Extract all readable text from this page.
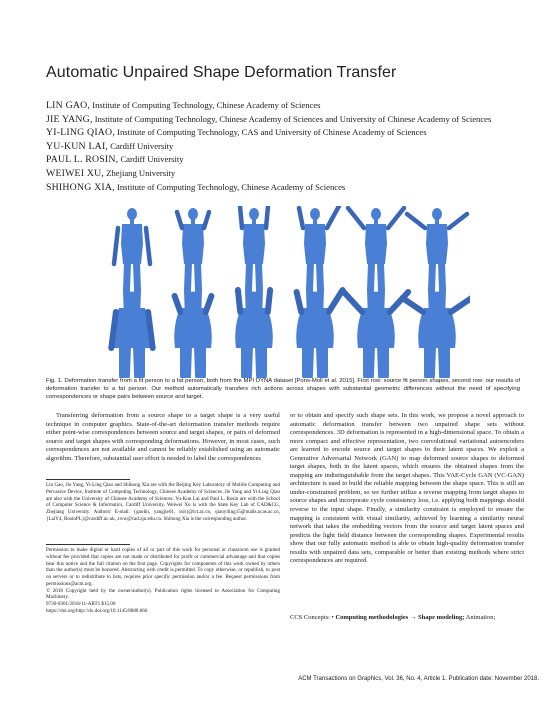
Automatic Unpaired Shape Deformation Transfer
LIN GAO, Institute of Computing Technology, Chinese Academy of Sciences
JIE YANG, Institute of Computing Technology, Chinese Academy of Sciences and University of Chinese Academy of Sciences
YI-LING QIAO, Institute of Computing Technology, CAS and University of Chinese Academy of Sciences
YU-KUN LAI, Cardiff University
PAUL L. ROSIN, Cardiff University
WEIWEI XU, Zhejiang University
SHIHONG XIA, Institute of Computing Technology, Chinese Academy of Sciences
Fig. 1. Deformation transfer from a fit person to a fat person, both from the MPI DYNA dataset [Pons-Moll et al. 2015]. First row: source fit person shapes, second row: our results of deformation transfer to a fat person. Our method automatically transfers rich actions across shapes with substantial geometric differences without the need of specifying correspondences or shape pairs between source and target.

Transferring deformation from a source shape to a target shape is a very useful technique in computer graphics. State-of-the-art deformation transfer methods require either point-wise correspondences between source and target shapes, or pairs of deformed source and target shapes with corresponding deformations. However, in most cases, such correspondences are not available and cannot be reliably established using an automatic algorithm. Therefore, substantial user effort is needed to label the correspondences

Lin Gao, Jie Yang, Yi-Ling Qiao and Shihong Xia are with the Beijing Key Laboratory of Mobile Computing and Pervasive Device, Institute of Computing Technology, Chinese Academy of Sciences. Jie Yang and Yi-Ling Qiao are also with the University of Chinese Academy of Sciences. Yu-Kun Lai and Paul L. Rosin are with the School of Computer Science & Informatics, Cardiff University. Weiwei Xu is with the State Key Lab of CAD&CG, Zhejiang University. Authors' E-mail: {gaolin, yangjie01, xsh}@ict.ac.cn, qiaoyiling15@mails.ucas.ac.cn, {LaiY4, RosinPL}@cardiff.ac.uk, xww@cad.zju.edu.cn. Shihong Xia is the corresponding author.
Permission to make digital or hard copies of all or part of this work for personal or classroom use is granted without fee provided that copies are not made or distributed for profit or commercial advantage and that copies bear this notice and the full citation on the first page. Copyrights for components of this work owned by others than the author(s) must be honored. Abstracting with credit is permitted. To copy otherwise, or republish, to post on servers or to redistribute to lists, requires prior specific permission and/or a fee. Request permissions from permissions@acm.org.
© 2018 Copyright held by the owner/author(s). Publication rights licensed to Association for Computing Machinery.
0730-0301/2018/11-ART1 $15.00
https://doi.org/http://dx.doi.org/10.1145/8888.666

or to obtain and specify such shape sets. In this work, we propose a novel approach to automatic deformation transfer between two unpaired shape sets without correspondences. 3D deformation is represented in a high-dimensional space. To obtain a more compact and effective representation, two convolutional variational autoencoders are learned to encode source and target shapes to their latent spaces. We exploit a Generative Adversarial Network (GAN) to map deformed source shapes to deformed target shapes, both in the latent spaces, which ensures the obtained shapes from the mapping are indistinguishable from the target shapes. This VAE-Cycle GAN (VC-GAN) architecture is used to build the reliable mapping between the shape space. This is still an under-constrained problem, so we further utilize a reverse mapping from target shapes to source shapes and incorporate cycle consistency loss, i.e. applying both mappings should reverse to the input shape. Finally, a similarity constraint is employed to ensure the mapping is consistent with visual similarity, achieved by learning a similarity neural network that takes the embedding vectors from the source and target latent spaces and predicts the light field distance between the corresponding shapes. Experimental results show that our fully automatic method is able to obtain high-quality deformation transfer results with unpaired data sets, comparable or better than existing methods where strict correspondences are required.

CCS Concepts: • Computing methodologies → Shape modeling; Animation;
ACM Transactions on Graphics, Vol. 36, No. 4, Article 1. Publication date: November 2018.
